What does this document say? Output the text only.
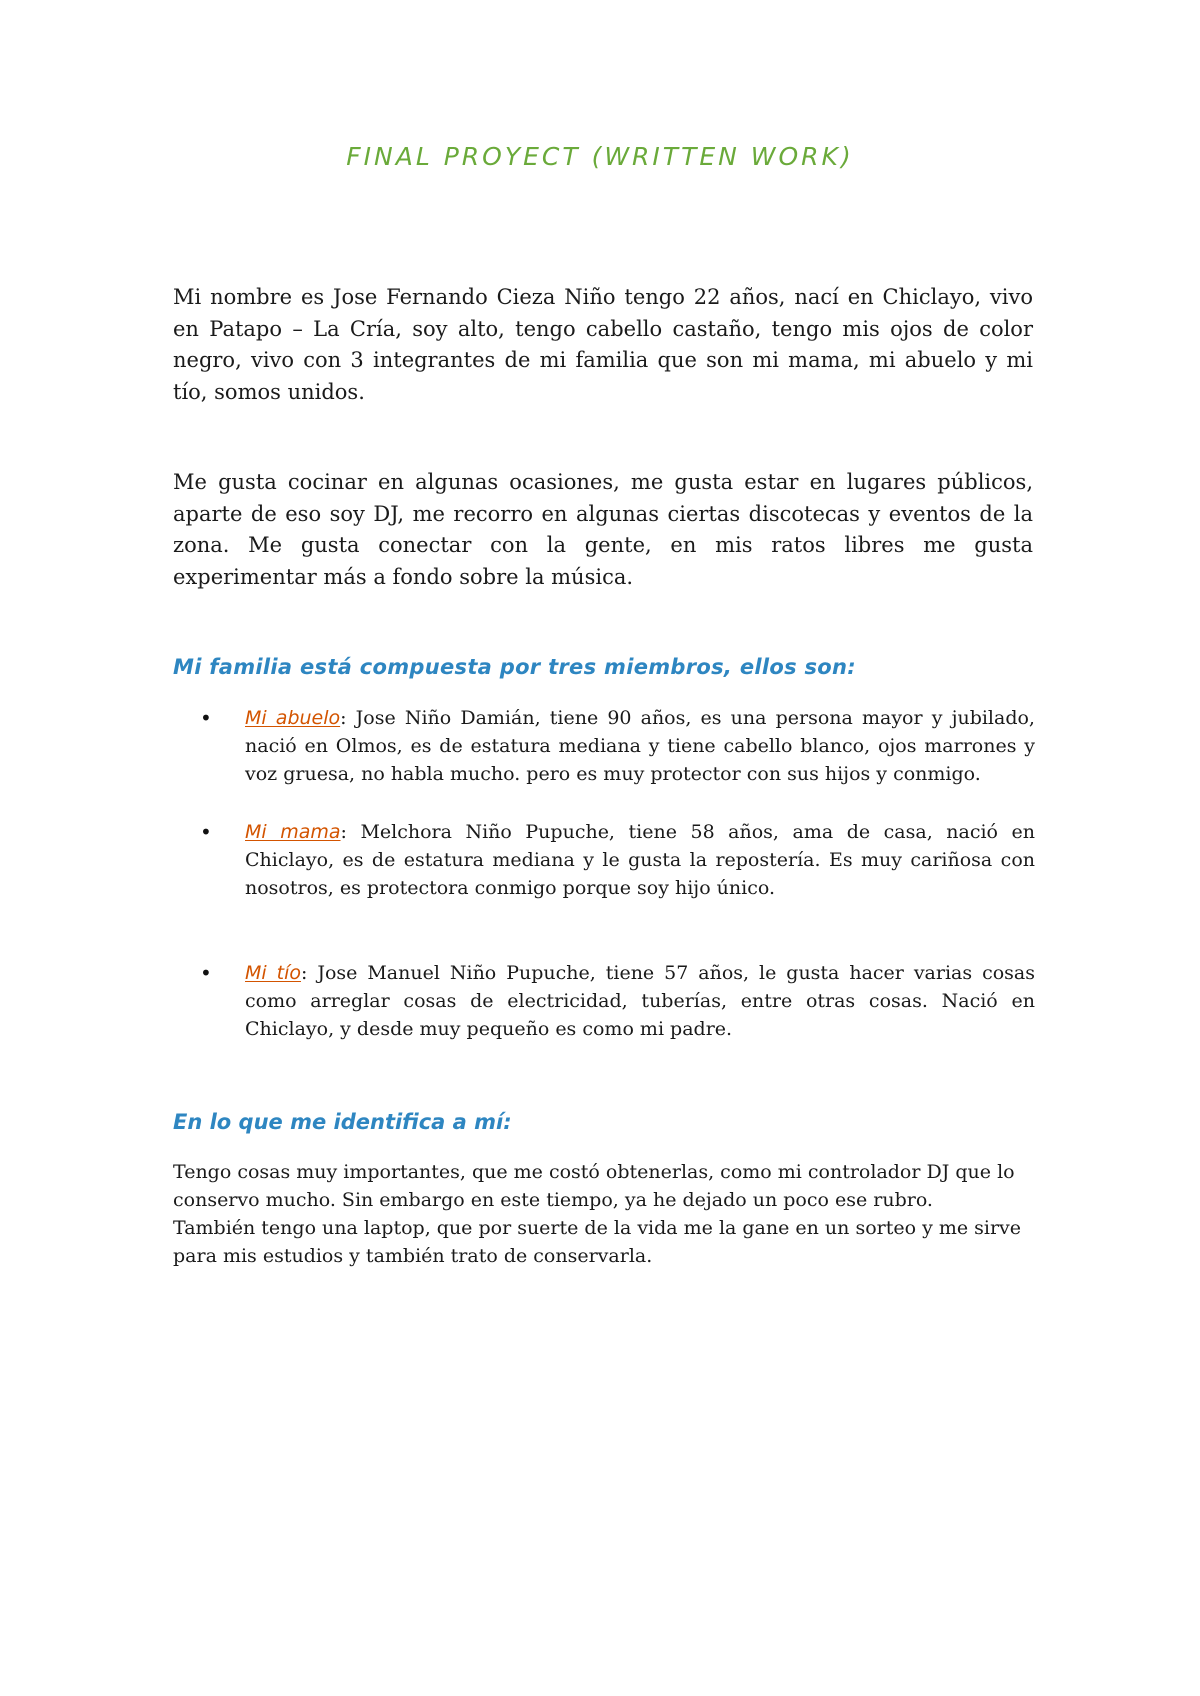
FINAL PROYECT (WRITTEN WORK)

Mi nombre es Jose Fernando Cieza Niño tengo 22 años, nací en Chiclayo, vivo en Patapo – La Cría, soy alto, tengo cabello castaño, tengo mis ojos de color negro, vivo con 3 integrantes de mi familia que son mi mama, mi abuelo y mi tío, somos unidos.

Me gusta cocinar en algunas ocasiones, me gusta estar en lugares públicos, aparte de eso soy DJ, me recorro en algunas ciertas discotecas y eventos de la zona. Me gusta conectar con la gente, en mis ratos libres me gusta experimentar más a fondo sobre la música.

Mi familia está compuesta por tres miembros, ellos son:
• Mi abuelo: Jose Niño Damián, tiene 90 años, es una persona mayor y jubilado, nació en Olmos, es de estatura mediana y tiene cabello blanco, ojos marrones y voz gruesa, no habla mucho. pero es muy protector con sus hijos y conmigo.

• Mi mama: Melchora Niño Pupuche, tiene 58 años, ama de casa, nació en Chiclayo, es de estatura mediana y le gusta la repostería. Es muy cariñosa con nosotros, es protectora conmigo porque soy hijo único.

• Mi tío: Jose Manuel Niño Pupuche, tiene 57 años, le gusta hacer varias cosas como arreglar cosas de electricidad, tuberías, entre otras cosas. Nació en Chiclayo, y desde muy pequeño es como mi padre.

En lo que me identifica a mí:

Tengo cosas muy importantes, que me costó obtenerlas, como mi controlador DJ que lo
conservo mucho. Sin embargo en este tiempo, ya he dejado un poco ese rubro.
También tengo una laptop, que por suerte de la vida me la gane en un sorteo y me sirve
para mis estudios y también trato de conservarla.
